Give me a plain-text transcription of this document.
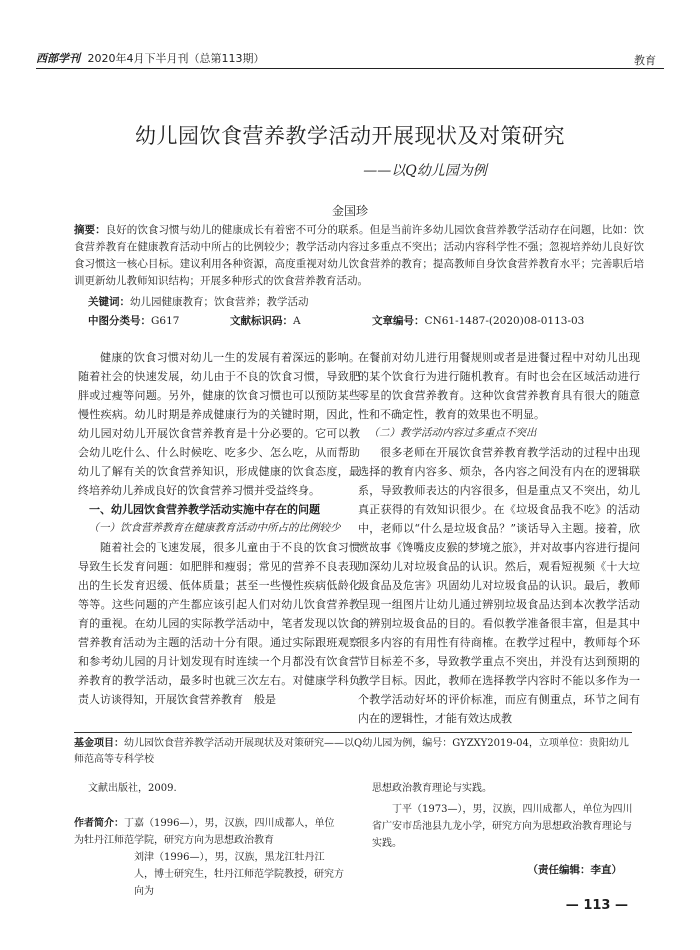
西部学刊 2020年4月下半月刊（总第113期）	教育
幼儿园饮食营养教学活动开展现状及对策研究
——以Q幼儿园为例
金国珍
摘要：良好的饮食习惯与幼儿的健康成长有着密不可分的联系。但是当前许多幼儿园饮食营养教学活动存在问题，比如：饮食营养教育在健康教育活动中所占的比例较少；教学活动内容过多重点不突出；活动内容科学性不强；忽视培养幼儿良好饮食习惯这一核心目标。建议利用各种资源，高度重视对幼儿饮食营养的教育；提高教师自身饮食营养教育水平；完善职后培训更新幼儿教师知识结构；开展多种形式的饮食营养教育活动。
关键词：幼儿园健康教育；饮食营养；教学活动
中图分类号：G617	文献标识码：A	文章编号：CN61-1487-(2020)08-0113-03

健康的饮食习惯对幼儿一生的发展有着深远的影响。随着社会的快速发展，幼儿由于不良的饮食习惯，导致肥胖或过瘦等问题。另外，健康的饮食习惯也可以预防某些慢性疾病。幼儿时期是养成健康行为的关键时期，因此，幼儿园对幼儿开展饮食营养教育是十分必要的。它可以教会幼儿吃什么、什么时候吃、吃多少、怎么吃，从而帮助幼儿了解有关的饮食营养知识，形成健康的饮食态度，最终培养幼儿养成良好的饮食营养习惯并受益终身。

一、幼儿园饮食营养教学活动实施中存在的问题
（一）饮食营养教育在健康教育活动中所占的比例较少

随着社会的飞速发展，很多儿童由于不良的饮食习惯导致生长发育问题：如肥胖和瘦弱；常见的营养不良表现出的生长发育迟缓、低体质量；甚至一些慢性疾病低龄化等等。这些问题的产生都应该引起人们对幼儿饮食营养教育的重视。在幼儿园的实际教学活动中，笔者发现以饮食营养教育活动为主题的活动十分有限。通过实际跟班观察和参考幼儿园的月计划发现有时连续一个月都没有饮食营养教育的教学活动，最多时也就三次左右。对健康学科负责人访谈得知，开展饮食营养教育　般是

在餐前对幼儿进行用餐规则或者是进餐过程中对幼儿出现的某个饮食行为进行随机教育。有时也会在区域活动进行零星的饮食营养教育。这种饮食营养教育具有很大的随意性和不确定性，教育的效果也不明显。

（二）教学活动内容过多重点不突出

很多老师在开展饮食营养教育教学活动的过程中出现选择的教育内容多、烦杂，各内容之间没有内在的逻辑联系，导致教师表达的内容很多，但是重点又不突出，幼儿真正获得的有效知识很少。在《垃圾食品我不吃》的活动中，老师以“什么是垃圾食品？”谈话导入主题。接着，欣赏故事《馋嘴皮皮猴的梦境之旅》，并对故事内容进行提问加深幼儿对垃圾食品的认识。然后，观看短视频《十大垃圾食品及危害》巩固幼儿对垃圾食品的认识。最后，教师呈现一组图片让幼儿通过辨别垃圾食品达到本次教学活动的辨别垃圾食品的目的。看似教学准备很丰富，但是其中很多内容的有用性有待商榷。在教学过程中，教师每个环节目标差不多，导致教学重点不突出，并没有达到预期的教学目标。因此，教师在选择教学内容时不能以多作为一个教学活动好坏的评价标准，而应有侧重点，环节之间有内在的逻辑性，才能有效达成教

基金项目：幼儿园饮食营养教学活动开展现状及对策研究——以Q幼儿园为例，编号：GYZXY2019-04，立项单位：贵阳幼儿师范高等专科学校

文献出版社，2009.

作者简介：丁嘉（1996—），男，汉族，四川成都人，单位为牡丹江师范学院，研究方向为思想政治教育

刘津（1996—），男，汉族，黑龙江牡丹江人，博士研究生，牡丹江师范学院教授，研究方向为

思想政治教育理论与实践。

丁平（1973—），男，汉族，四川成都人，单位为四川省广安市岳池县九龙小学，研究方向为思想政治教育理论与实践。

（责任编辑：李直）
— 113 —
